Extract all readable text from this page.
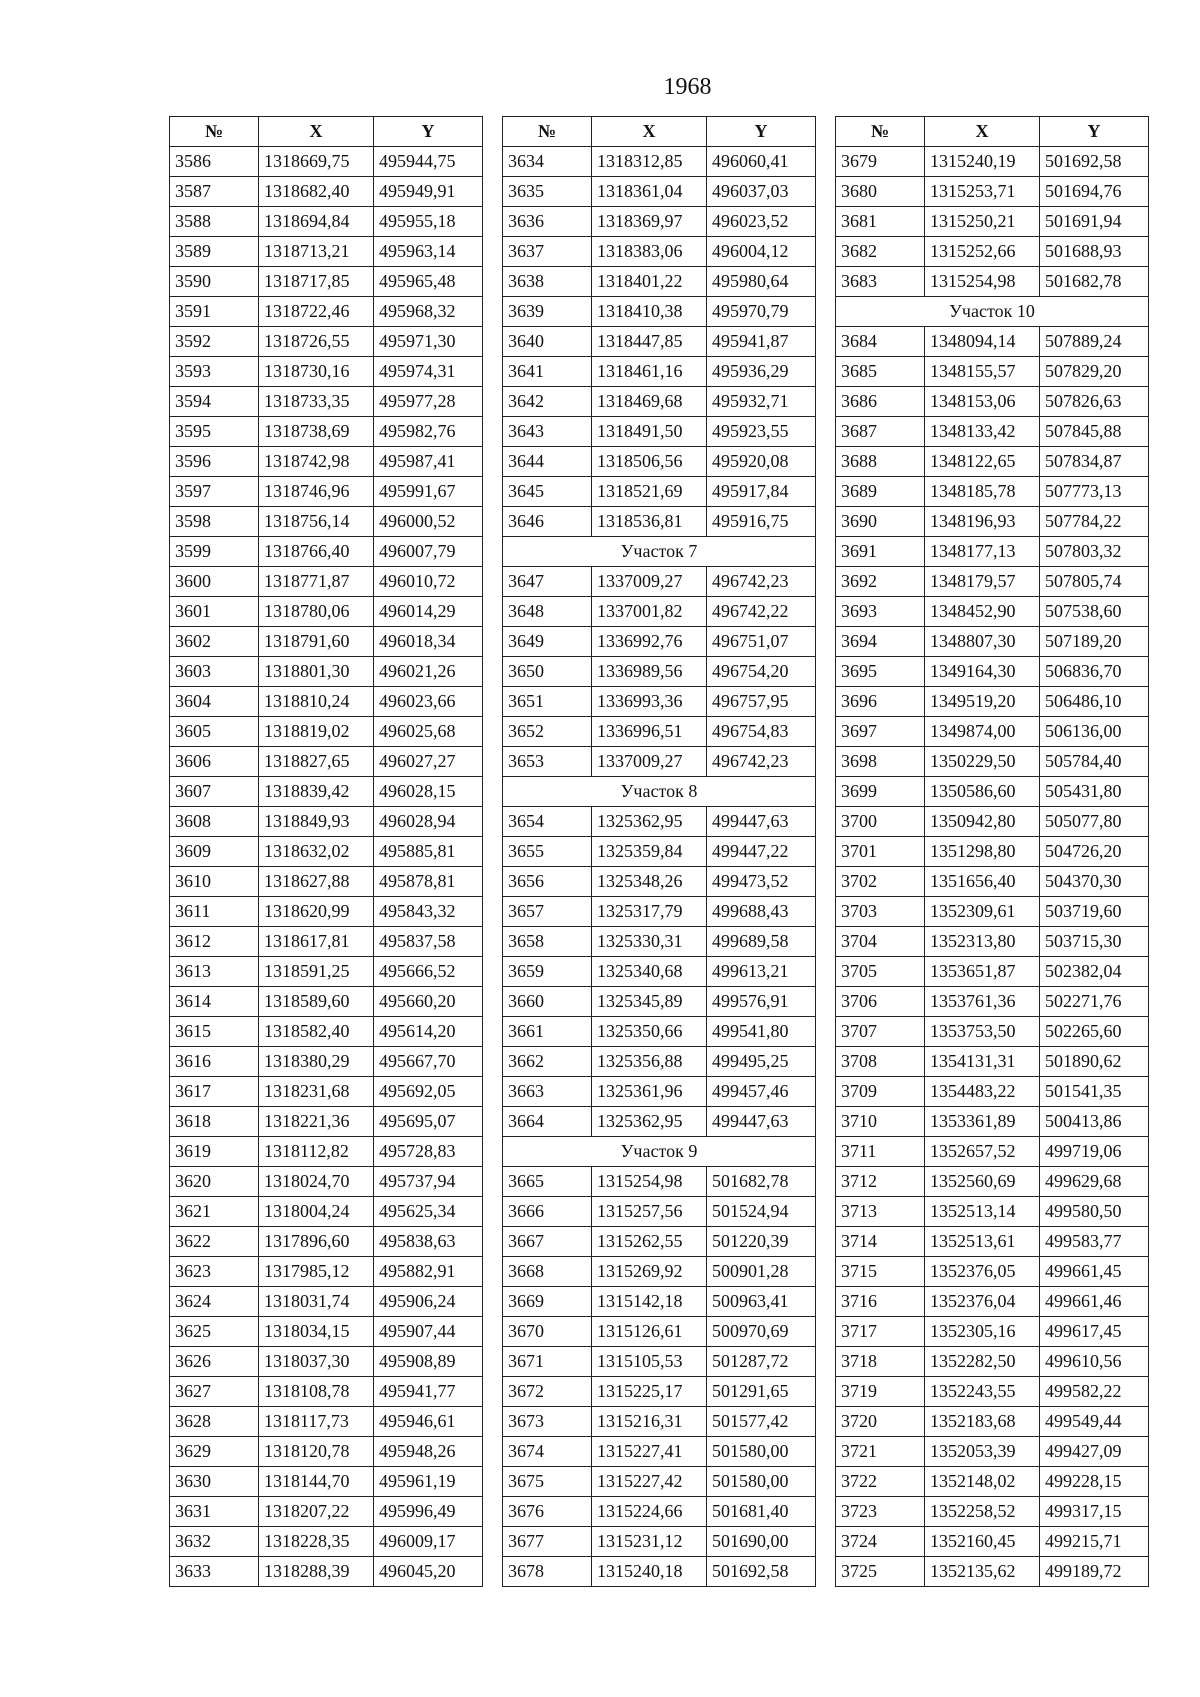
1968
№	X	Y
3586	1318669,75	495944,75
3587	1318682,40	495949,91
3588	1318694,84	495955,18
3589	1318713,21	495963,14
3590	1318717,85	495965,48
3591	1318722,46	495968,32
3592	1318726,55	495971,30
3593	1318730,16	495974,31
3594	1318733,35	495977,28
3595	1318738,69	495982,76
3596	1318742,98	495987,41
3597	1318746,96	495991,67
3598	1318756,14	496000,52
3599	1318766,40	496007,79
3600	1318771,87	496010,72
3601	1318780,06	496014,29
3602	1318791,60	496018,34
3603	1318801,30	496021,26
3604	1318810,24	496023,66
3605	1318819,02	496025,68
3606	1318827,65	496027,27
3607	1318839,42	496028,15
3608	1318849,93	496028,94
3609	1318632,02	495885,81
3610	1318627,88	495878,81
3611	1318620,99	495843,32
3612	1318617,81	495837,58
3613	1318591,25	495666,52
3614	1318589,60	495660,20
3615	1318582,40	495614,20
3616	1318380,29	495667,70
3617	1318231,68	495692,05
3618	1318221,36	495695,07
3619	1318112,82	495728,83
3620	1318024,70	495737,94
3621	1318004,24	495625,34
3622	1317896,60	495838,63
3623	1317985,12	495882,91
3624	1318031,74	495906,24
3625	1318034,15	495907,44
3626	1318037,30	495908,89
3627	1318108,78	495941,77
3628	1318117,73	495946,61
3629	1318120,78	495948,26
3630	1318144,70	495961,19
3631	1318207,22	495996,49
3632	1318228,35	496009,17
3633	1318288,39	496045,20
№	X	Y
3634	1318312,85	496060,41
3635	1318361,04	496037,03
3636	1318369,97	496023,52
3637	1318383,06	496004,12
3638	1318401,22	495980,64
3639	1318410,38	495970,79
3640	1318447,85	495941,87
3641	1318461,16	495936,29
3642	1318469,68	495932,71
3643	1318491,50	495923,55
3644	1318506,56	495920,08
3645	1318521,69	495917,84
3646	1318536,81	495916,75
Участок 7		
3647	1337009,27	496742,23
3648	1337001,82	496742,22
3649	1336992,76	496751,07
3650	1336989,56	496754,20
3651	1336993,36	496757,95
3652	1336996,51	496754,83
3653	1337009,27	496742,23
Участок 8		
3654	1325362,95	499447,63
3655	1325359,84	499447,22
3656	1325348,26	499473,52
3657	1325317,79	499688,43
3658	1325330,31	499689,58
3659	1325340,68	499613,21
3660	1325345,89	499576,91
3661	1325350,66	499541,80
3662	1325356,88	499495,25
3663	1325361,96	499457,46
3664	1325362,95	499447,63
Участок 9		
3665	1315254,98	501682,78
3666	1315257,56	501524,94
3667	1315262,55	501220,39
3668	1315269,92	500901,28
3669	1315142,18	500963,41
3670	1315126,61	500970,69
3671	1315105,53	501287,72
3672	1315225,17	501291,65
3673	1315216,31	501577,42
3674	1315227,41	501580,00
3675	1315227,42	501580,00
3676	1315224,66	501681,40
3677	1315231,12	501690,00
3678	1315240,18	501692,58
№	X	Y
3679	1315240,19	501692,58
3680	1315253,71	501694,76
3681	1315250,21	501691,94
3682	1315252,66	501688,93
3683	1315254,98	501682,78
Участок 10		
3684	1348094,14	507889,24
3685	1348155,57	507829,20
3686	1348153,06	507826,63
3687	1348133,42	507845,88
3688	1348122,65	507834,87
3689	1348185,78	507773,13
3690	1348196,93	507784,22
3691	1348177,13	507803,32
3692	1348179,57	507805,74
3693	1348452,90	507538,60
3694	1348807,30	507189,20
3695	1349164,30	506836,70
3696	1349519,20	506486,10
3697	1349874,00	506136,00
3698	1350229,50	505784,40
3699	1350586,60	505431,80
3700	1350942,80	505077,80
3701	1351298,80	504726,20
3702	1351656,40	504370,30
3703	1352309,61	503719,60
3704	1352313,80	503715,30
3705	1353651,87	502382,04
3706	1353761,36	502271,76
3707	1353753,50	502265,60
3708	1354131,31	501890,62
3709	1354483,22	501541,35
3710	1353361,89	500413,86
3711	1352657,52	499719,06
3712	1352560,69	499629,68
3713	1352513,14	499580,50
3714	1352513,61	499583,77
3715	1352376,05	499661,45
3716	1352376,04	499661,46
3717	1352305,16	499617,45
3718	1352282,50	499610,56
3719	1352243,55	499582,22
3720	1352183,68	499549,44
3721	1352053,39	499427,09
3722	1352148,02	499228,15
3723	1352258,52	499317,15
3724	1352160,45	499215,71
3725	1352135,62	499189,72
